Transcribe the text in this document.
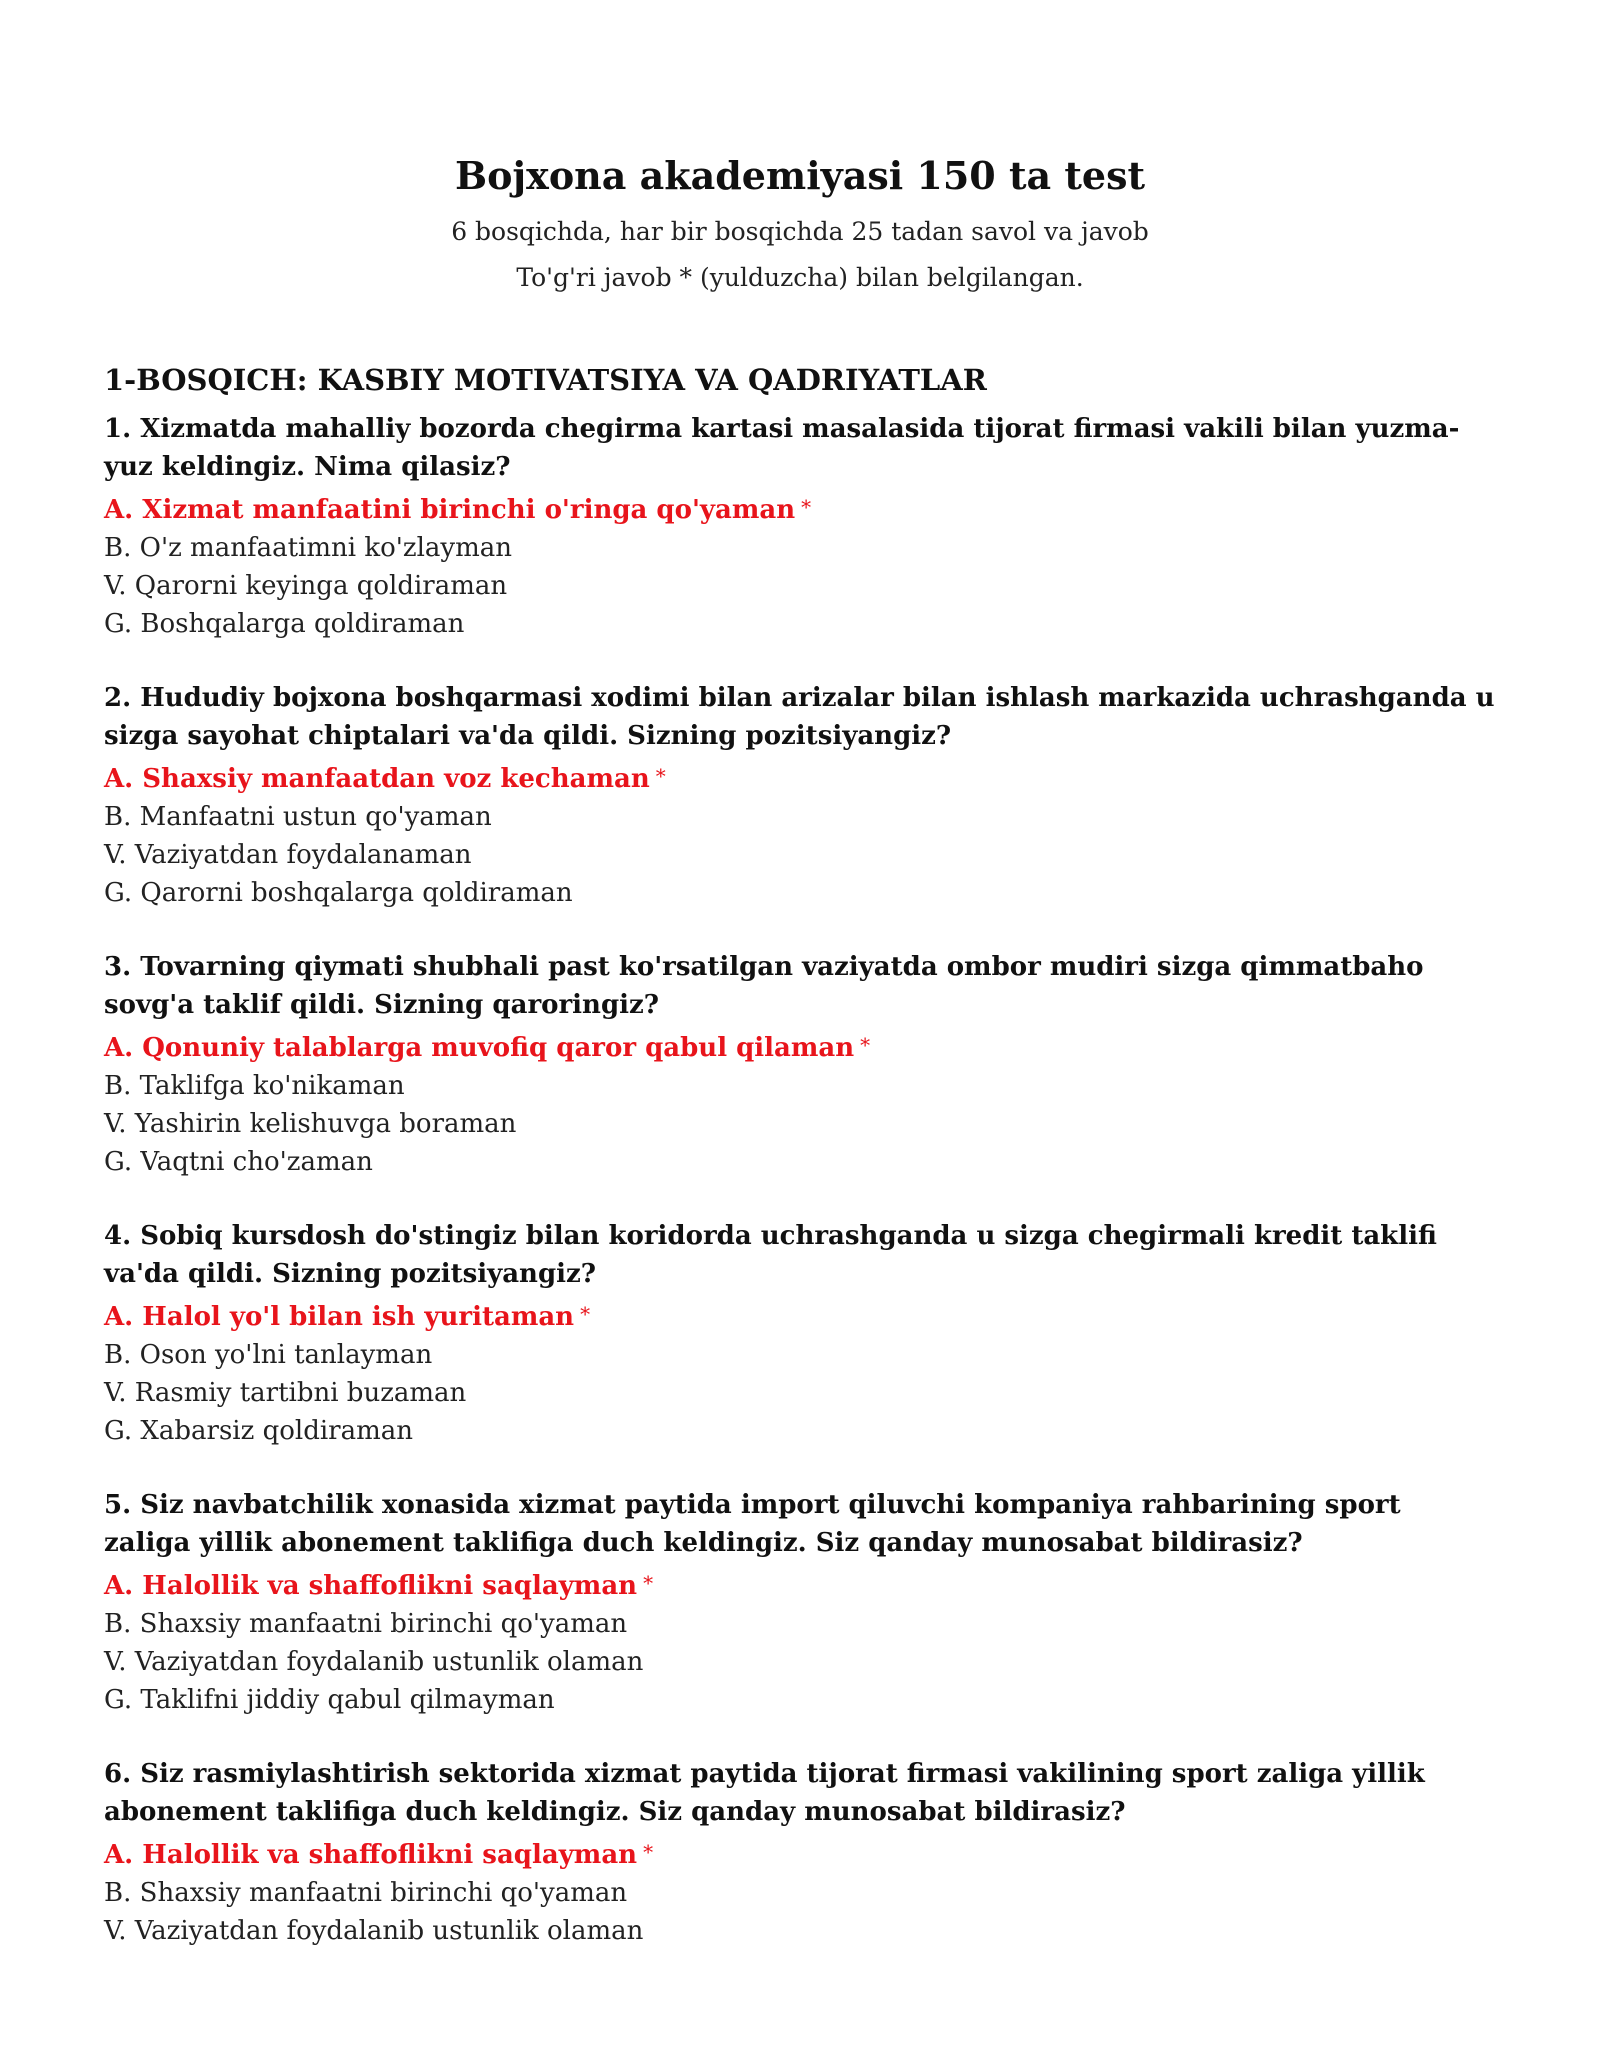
Bojxona akademiyasi 150 ta test

6 bosqichda, har bir bosqichda 25 tadan savol va javob

To'g'ri javob * (yulduzcha) bilan belgilangan.

1-BOSQICH: KASBIY MOTIVATSIYA VA QADRIYATLAR

1. Xizmatda mahalliy bozorda chegirma kartasi masalasida tijorat firmasi vakili bilan yuzma-yuz keldingiz. Nima qilasiz?

A. Xizmat manfaatini birinchi o'ringa qo'yaman *

B. O'z manfaatimni ko'zlayman

V. Qarorni keyinga qoldiraman

G. Boshqalarga qoldiraman

2. Hududiy bojxona boshqarmasi xodimi bilan arizalar bilan ishlash markazida uchrashganda u sizga sayohat chiptalari va'da qildi. Sizning pozitsiyangiz?

A. Shaxsiy manfaatdan voz kechaman *

B. Manfaatni ustun qo'yaman

V. Vaziyatdan foydalanaman

G. Qarorni boshqalarga qoldiraman

3. Tovarning qiymati shubhali past ko'rsatilgan vaziyatda ombor mudiri sizga qimmatbaho sovg'a taklif qildi. Sizning qaroringiz?

A. Qonuniy talablarga muvofiq qaror qabul qilaman *

B. Taklifga ko'nikaman

V. Yashirin kelishuvga boraman

G. Vaqtni cho'zaman

4. Sobiq kursdosh do'stingiz bilan koridorda uchrashganda u sizga chegirmali kredit taklifi va'da qildi. Sizning pozitsiyangiz?

A. Halol yo'l bilan ish yuritaman *

B. Oson yo'lni tanlayman

V. Rasmiy tartibni buzaman

G. Xabarsiz qoldiraman

5. Siz navbatchilik xonasida xizmat paytida import qiluvchi kompaniya rahbarining sport zaliga yillik abonement taklifiga duch keldingiz. Siz qanday munosabat bildirasiz?

A. Halollik va shaffoflikni saqlayman *

B. Shaxsiy manfaatni birinchi qo'yaman

V. Vaziyatdan foydalanib ustunlik olaman

G. Taklifni jiddiy qabul qilmayman

6. Siz rasmiylashtirish sektorida xizmat paytida tijorat firmasi vakilining sport zaliga yillik abonement taklifiga duch keldingiz. Siz qanday munosabat bildirasiz?

A. Halollik va shaffoflikni saqlayman *

B. Shaxsiy manfaatni birinchi qo'yaman

V. Vaziyatdan foydalanib ustunlik olaman
